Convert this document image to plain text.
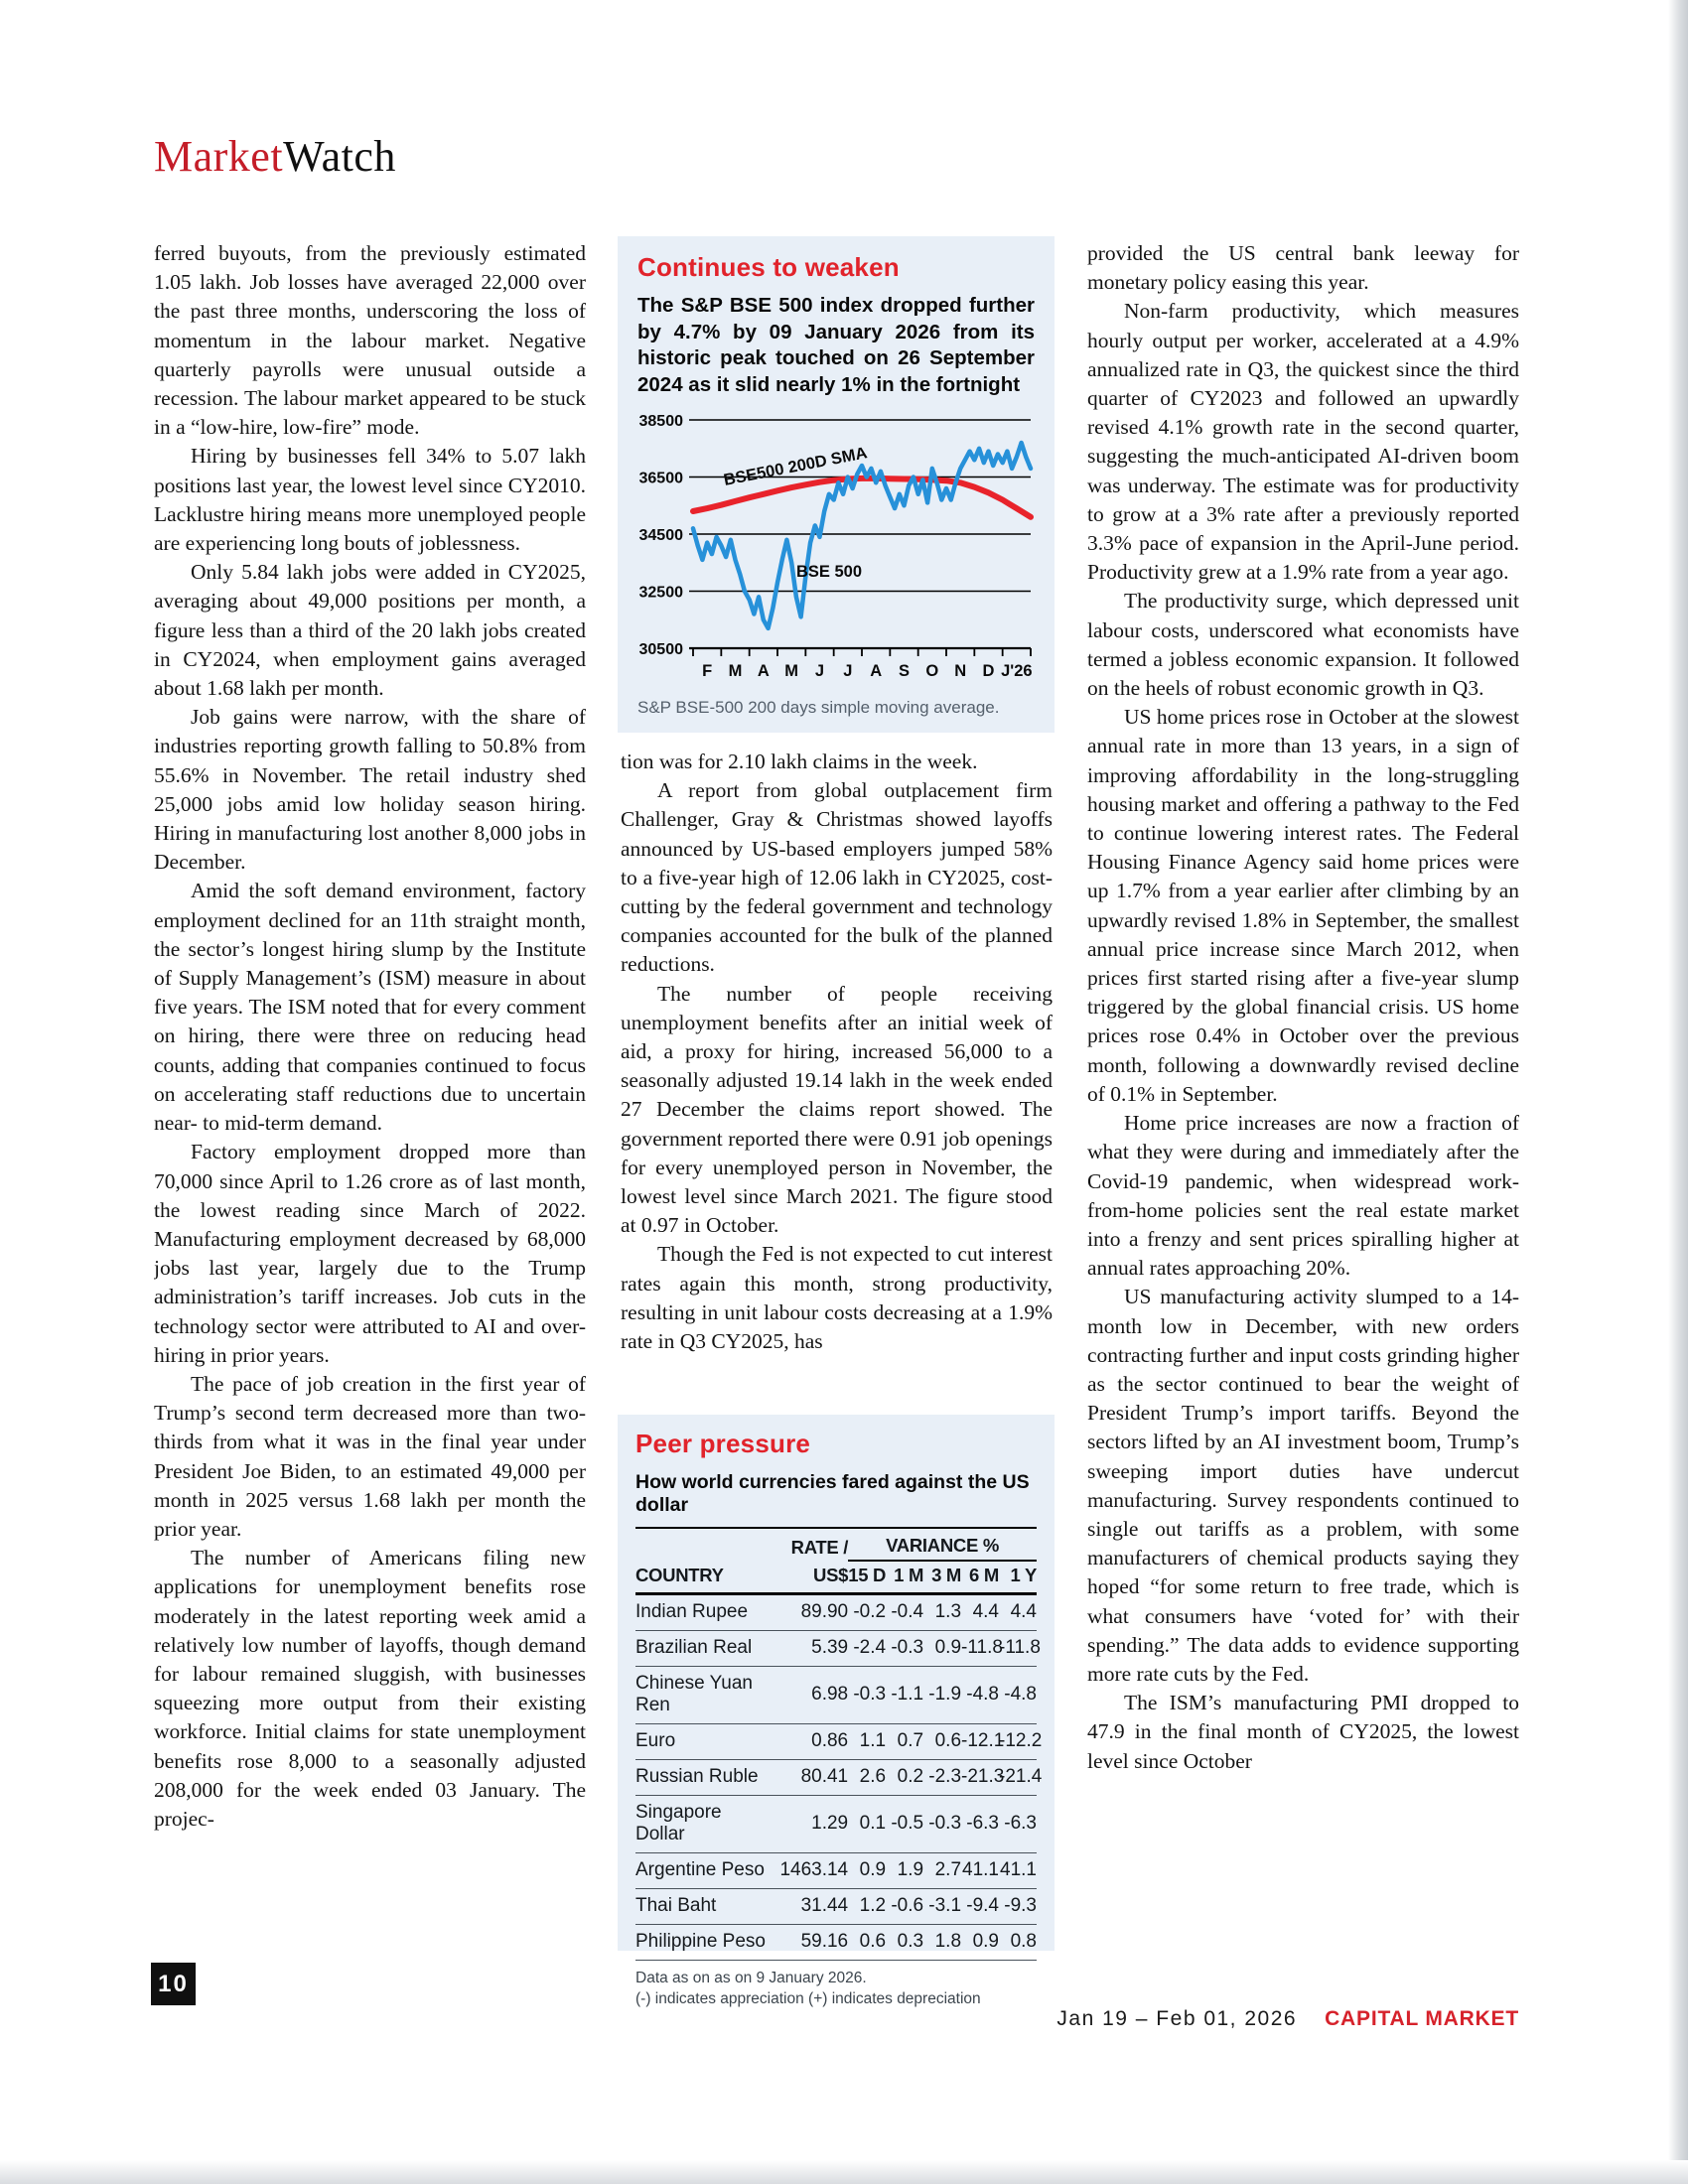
MarketWatch

ferred buyouts, from the previously estimated 1.05 lakh. Job losses have averaged 22,000 over the past three months, underscoring the loss of momentum in the labour market. Negative quarterly payrolls were unusual outside a recession. The labour market appeared to be stuck in a “low-hire, low-fire” mode.

Hiring by businesses fell 34% to 5.07 lakh positions last year, the lowest level since CY2010. Lacklustre hiring means more unemployed people are experiencing long bouts of joblessness.

Only 5.84 lakh jobs were added in CY2025, averaging about 49,000 positions per month, a figure less than a third of the 20 lakh jobs created in CY2024, when employment gains averaged about 1.68 lakh per month.

Job gains were narrow, with the share of industries reporting growth falling to 50.8% from 55.6% in November. The retail industry shed 25,000 jobs amid low holiday season hiring. Hiring in manufacturing lost another 8,000 jobs in December.

Amid the soft demand environment, factory employment declined for an 11th straight month, the sector’s longest hiring slump by the Institute of Supply Management’s (ISM) measure in about five years. The ISM noted that for every comment on hiring, there were three on reducing head counts, adding that companies continued to focus on accelerating staff reductions due to uncertain near- to mid-term demand.

Factory employment dropped more than 70,000 since April to 1.26 crore as of last month, the lowest reading since March of 2022. Manufacturing employment decreased by 68,000 jobs last year, largely due to the Trump administration’s tariff increases. Job cuts in the technology sector were attributed to AI and over-hiring in prior years.

The pace of job creation in the first year of Trump’s second term decreased more than two-thirds from what it was in the final year under President Joe Biden, to an estimated 49,000 per month in 2025 versus 1.68 lakh per month the prior year.

The number of Americans filing new applications for unemployment benefits rose moderately in the latest reporting week amid a relatively low number of layoffs, though demand for labour remained sluggish, with businesses squeezing more output from their existing workforce. Initial claims for state unemployment benefits rose 8,000 to a seasonally adjusted 208,000 for the week ended 03 January. The projec-

Continues to weaken

The S&P BSE 500 index dropped further by 4.7% by 09 January 2026 from its historic peak touched on 26 September 2024 as it slid nearly 1% in the fortnight

38500
36500
34500
32500
30500
F M A M J J A S O N D J'26
BSE500 200D SMA
BSE 500

S&P BSE-500 200 days simple moving average.

tion was for 2.10 lakh claims in the week.

A report from global outplacement firm Challenger, Gray & Christmas showed layoffs announced by US-based employers jumped 58% to a five-year high of 12.06 lakh in CY2025, cost-cutting by the federal government and technology companies accounted for the bulk of the planned reductions.

The number of people receiving unemployment benefits after an initial week of aid, a proxy for hiring, increased 56,000 to a seasonally adjusted 19.14 lakh in the week ended 27 December the claims report showed. The government reported there were 0.91 job openings for every unemployed person in November, the lowest level since March 2021. The figure stood at 0.97 in October.

Though the Fed is not expected to cut interest rates again this month, strong productivity, resulting in unit labour costs decreasing at a 1.9% rate in Q3 CY2025, has

Peer pressure

How world currencies fared against the US dollar

	RATE /	VARIANCE %				
COUNTRY	US$	15 D	1 M	3 M	6 M	1 Y
Indian Rupee	89.90	-0.2	-0.4	1.3	4.4	4.4
Brazilian Real	5.39	-2.4	-0.3	0.9	-11.8	-11.8
Chinese Yuan Ren	6.98	-0.3	-1.1	-1.9	-4.8	-4.8
Euro	0.86	1.1	0.7	0.6	-12.1	-12.2
Russian Ruble	80.41	2.6	0.2	-2.3	-21.3	-21.4
Singapore Dollar	1.29	0.1	-0.5	-0.3	-6.3	-6.3
Argentine Peso	1463.14	0.9	1.9	2.7	41.1	41.1
Thai Baht	31.44	1.2	-0.6	-3.1	-9.4	-9.3
Philippine Peso	59.16	0.6	0.3	1.8	0.9	0.8

Data as on as on 9 January 2026.

(-) indicates appreciation (+) indicates depreciation

provided the US central bank leeway for monetary policy easing this year.

Non-farm productivity, which measures hourly output per worker, accelerated at a 4.9% annualized rate in Q3, the quickest since the third quarter of CY2023 and followed an upwardly revised 4.1% growth rate in the second quarter, suggesting the much-anticipated AI-driven boom was underway. The estimate was for productivity to grow at a 3% rate after a previously reported 3.3% pace of expansion in the April-June period. Productivity grew at a 1.9% rate from a year ago.

The productivity surge, which depressed unit labour costs, underscored what economists have termed a jobless economic expansion. It followed on the heels of robust economic growth in Q3.

US home prices rose in October at the slowest annual rate in more than 13 years, in a sign of improving affordability in the long-struggling housing market and offering a pathway to the Fed to continue lowering interest rates. The Federal Housing Finance Agency said home prices were up 1.7% from a year earlier after climbing by an upwardly revised 1.8% in September, the smallest annual price increase since March 2012, when prices first started rising after a five-year slump triggered by the global financial crisis. US home prices rose 0.4% in October over the previous month, following a downwardly revised decline of 0.1% in September.

Home price increases are now a fraction of what they were during and immediately after the Covid-19 pandemic, when widespread work-from-home policies sent the real estate market into a frenzy and sent prices spiralling higher at annual rates approaching 20%.

US manufacturing activity slumped to a 14-month low in December, with new orders contracting further and input costs grinding higher as the sector continued to bear the weight of President Trump’s import tariffs. Beyond the sectors lifted by an AI investment boom, Trump’s sweeping import duties have undercut manufacturing. Survey respondents continued to single out tariffs as a problem, with some manufacturers of chemical products saying they hoped “for some return to free trade, which is what consumers have ‘voted for’ with their spending.” The data adds to evidence supporting more rate cuts by the Fed.

The ISM’s manufacturing PMI dropped to 47.9 in the final month of CY2025, the lowest level since October

10
Jan 19 – Feb 01, 2026 CAPITAL MARKET
